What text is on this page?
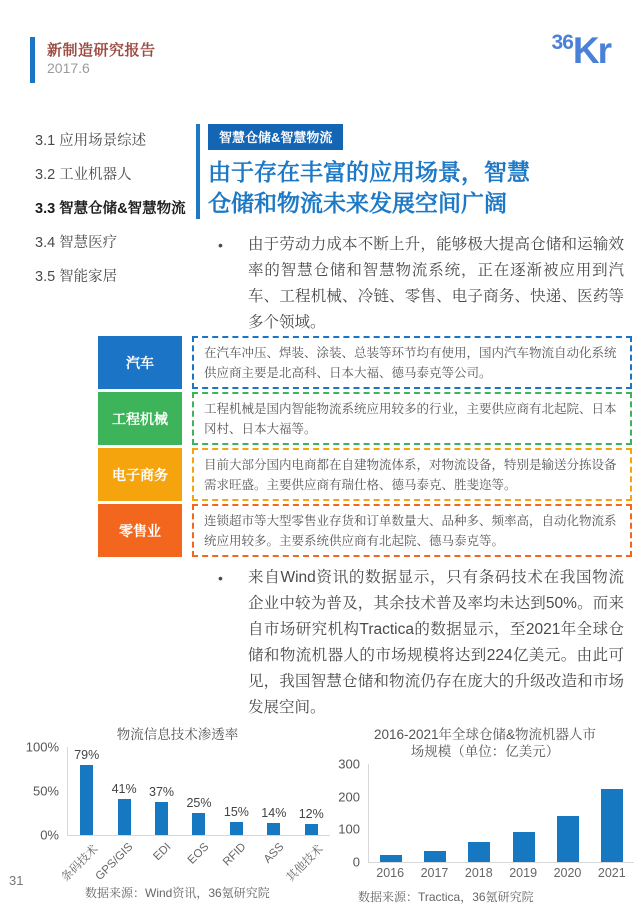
新制造研究报告
2017.6
36Kr
3.1 应用场景综述
3.2 工业机器人
3.3 智慧仓储&智慧物流
3.4 智慧医疗
3.5 智能家居
智慧仓储&智慧物流
由于存在丰富的应用场景，智慧仓储和物流未来发展空间广阔
•	由于劳动力成本不断上升，能够极大提高仓储和运输效率的智慧仓储和智慧物流系统，正在逐渐被应用到汽车、工程机械、冷链、零售、电子商务、快递、医药等多个领域。
汽车
在汽车冲压、焊装、涂装、总装等环节均有使用，国内汽车物流自动化系统供应商主要是北高科、日本大福、德马泰克等公司。
工程机械
工程机械是国内智能物流系统应用较多的行业，主要供应商有北起院、日本冈村、日本大福等。
电子商务
目前大部分国内电商都在自建物流体系，对物流设备，特别是输送分拣设备需求旺盛。主要供应商有瑞仕格、德马泰克、胜斐迩等。
零售业
连锁超市等大型零售业存货和订单数量大、品种多、频率高，自动化物流系统应用较多。主要系统供应商有北起院、德马泰克等。
•	来自Wind资讯的数据显示，只有条码技术在我国物流企业中较为普及，其余技术普及率均未达到50%。而来自市场研究机构Tractica的数据显示，至2021年全球仓储和物流机器人的市场规模将达到224亿美元。由此可见，我国智慧仓储和物流仍存在庞大的升级改造和市场发展空间。
物流信息技术渗透率
0%
50%
100%
79%
41% 37%
25%
15% 14% 12%
条码技术
GPS/GIS	EDI	EOS RFID	ASS
其他技术
数据来源：Wind资讯，36氪研究院
2016-2021年全球仓储&物流机器人市场规模（单位：亿美元）
0
100
200
300
2016	2017	2018	2019	2020	2021
数据来源：Tractica，36氪研究院
31
